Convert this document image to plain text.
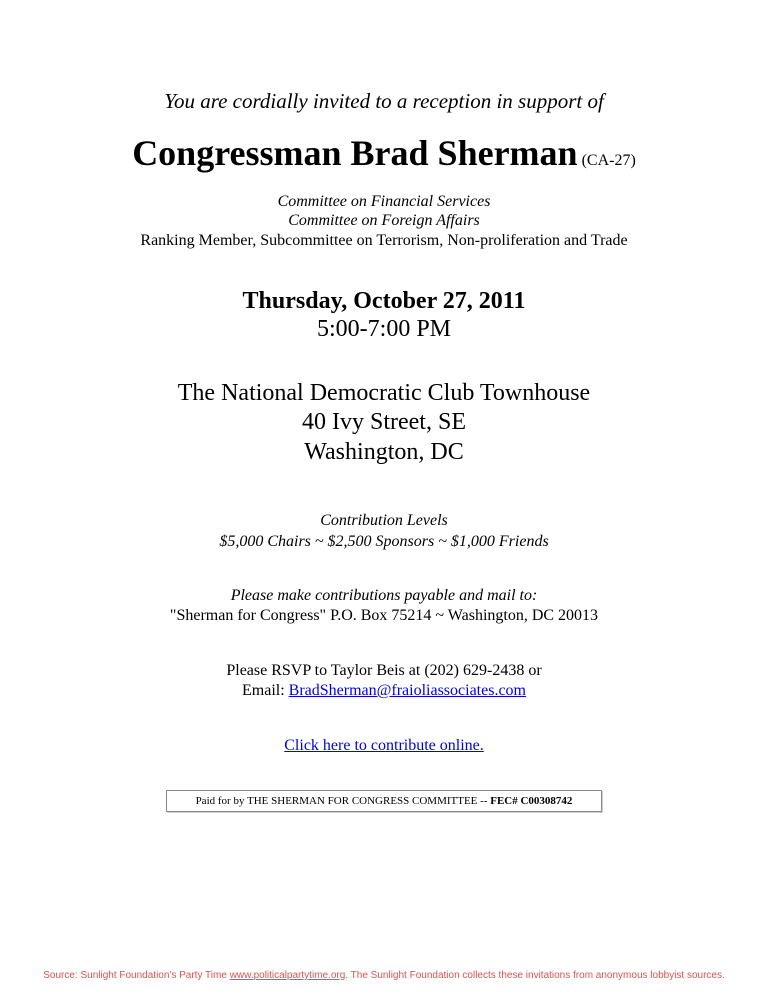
You are cordially invited to a reception in support of
Congressman Brad Sherman (CA-27)
Committee on Financial Services
Committee on Foreign Affairs
Ranking Member, Subcommittee on Terrorism, Non-proliferation and Trade
Thursday, October 27, 2011
5:00-7:00 PM
The National Democratic Club Townhouse
40 Ivy Street, SE
Washington, DC
Contribution Levels
$5,000 Chairs ~ $2,500 Sponsors ~ $1,000 Friends
Please make contributions payable and mail to:
"Sherman for Congress" P.O. Box 75214 ~ Washington, DC 20013
Please RSVP to Taylor Beis at (202) 629-2438 or
Email: BradSherman@fraioliassociates.com
Click here to contribute online.
Paid for by THE SHERMAN FOR CONGRESS COMMITTEE -- FEC# C00308742
Source: Sunlight Foundation's Party Time www.politicalpartytime.org. The Sunlight Foundation collects these invitations from anonymous lobbyist sources.
